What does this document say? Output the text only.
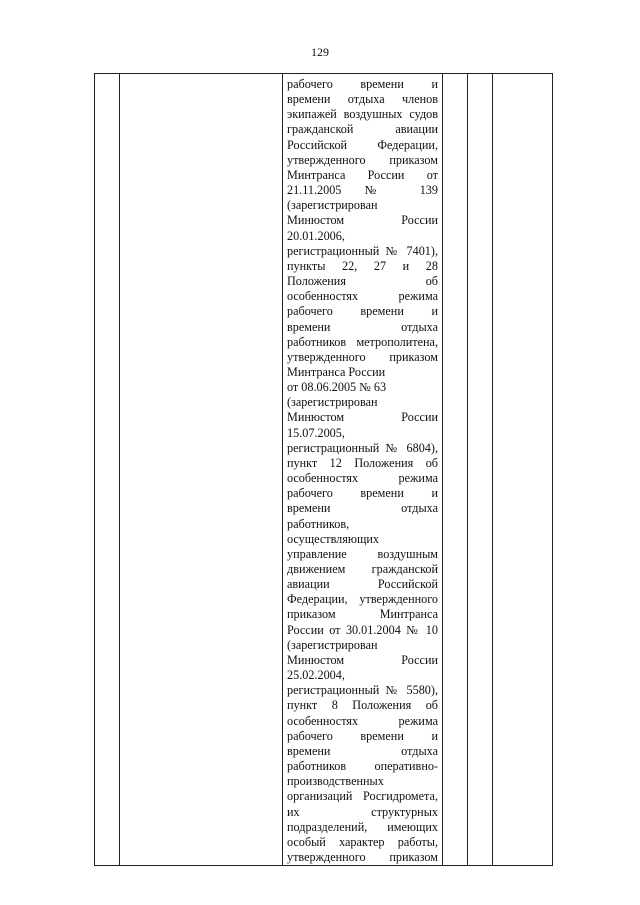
129

рабочего времени и
времени отдыха членов
экипажей воздушных судов
гражданской авиации
Российской Федерации,
утвержденного приказом
Минтранса России от
21.11.2005 № 139
(зарегистрирован
Минюстом России
20.01.2006,
регистрационный № 7401),
пункты 22, 27 и 28
Положения об
особенностях режима
рабочего времени и
времени отдыха
работников метрополитена,
утвержденного приказом
Минтранса России
от 08.06.2005 № 63
(зарегистрирован
Минюстом России
15.07.2005,
регистрационный № 6804),
пункт 12 Положения об
особенностях режима
рабочего времени и
времени отдыха
работников,
осуществляющих
управление воздушным
движением гражданской
авиации Российской
Федерации, утвержденного
приказом Минтранса
России от 30.01.2004 № 10
(зарегистрирован
Минюстом России
25.02.2004,
регистрационный № 5580),
пункт 8 Положения об
особенностях режима
рабочего времени и
времени отдыха
работников оперативно-
производственных
организаций Росгидромета,
их структурных
подразделений, имеющих
особый характер работы,
утвержденного приказом
